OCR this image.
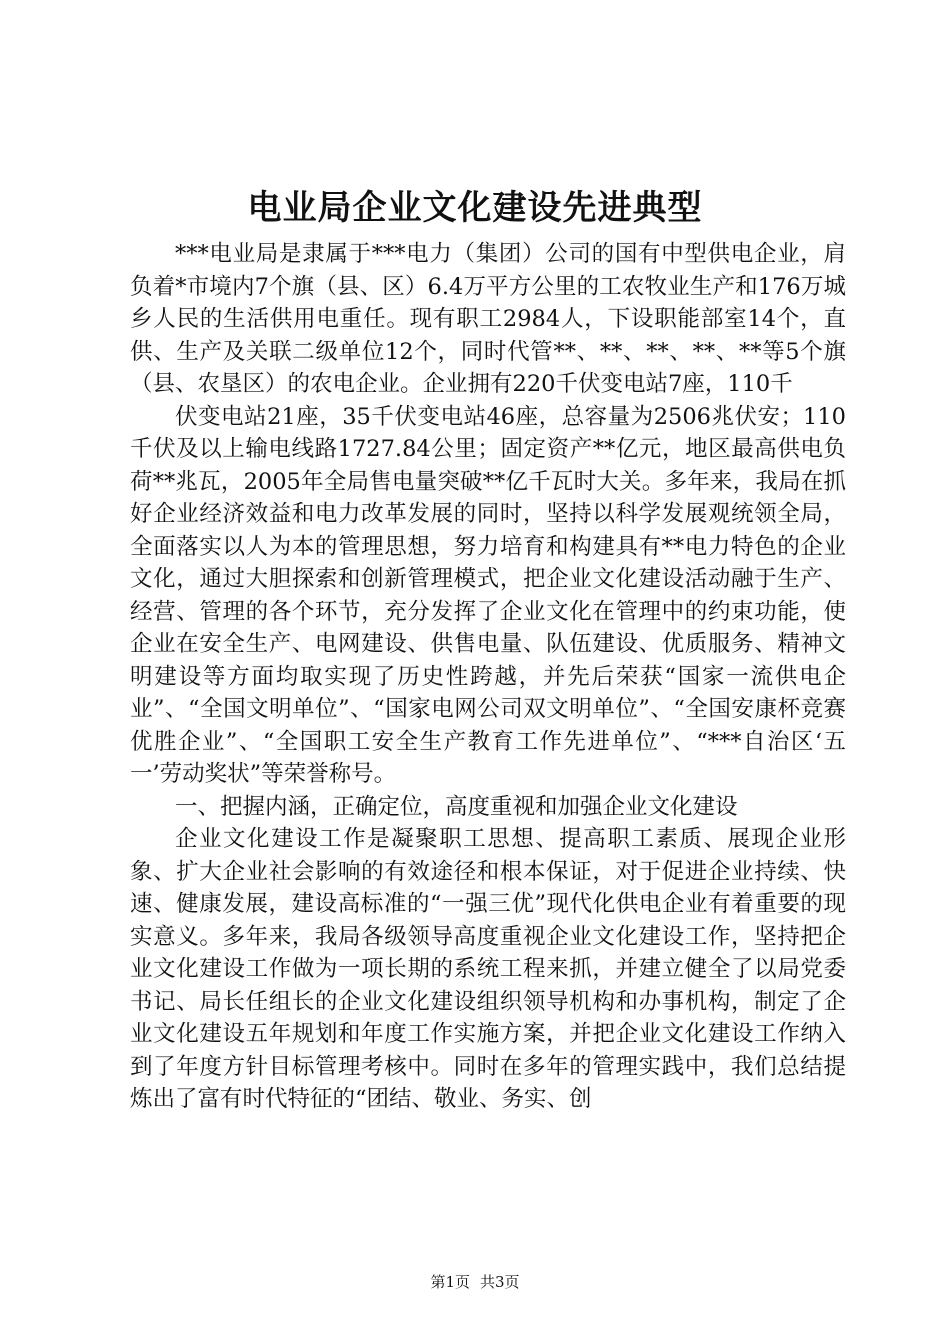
电业局企业文化建设先进典型

***电业局是隶属于***电力（集团）公司的国有中型供电企业，肩负着*市境内7个旗（县、区）6.4万平方公里的工农牧业生产和176万城乡人民的生活供用电重任。现有职工2984人，下设职能部室14个，直供、生产及关联二级单位12个，同时代管**、**、**、**、**等5个旗（县、农垦区）的农电企业。企业拥有220千伏变电站7座，110千

伏变电站21座，35千伏变电站46座，总容量为2506兆伏安；110千伏及以上输电线路1727.84公里；固定资产**亿元，地区最高供电负荷**兆瓦，2005年全局售电量突破**亿千瓦时大关。多年来，我局在抓好企业经济效益和电力改革发展的同时，坚持以科学发展观统领全局，全面落实以人为本的管理思想，努力培育和构建具有**电力特色的企业文化，通过大胆探索和创新管理模式，把企业文化建设活动融于生产、经营、管理的各个环节，充分发挥了企业文化在管理中的约束功能，使企业在安全生产、电网建设、供售电量、队伍建设、优质服务、精神文明建设等方面均取实现了历史性跨越，并先后荣获“国家一流供电企业”、“全国文明单位”、“国家电网公司双文明单位”、“全国安康杯竞赛优胜企业”、“全国职工安全生产教育工作先进单位”、“***自治区‘五一’劳动奖状”等荣誉称号。

一、把握内涵，正确定位，高度重视和加强企业文化建设

企业文化建设工作是凝聚职工思想、提高职工素质、展现企业形象、扩大企业社会影响的有效途径和根本保证，对于促进企业持续、快速、健康发展，建设高标准的“一强三优”现代化供电企业有着重要的现实意义。多年来，我局各级领导高度重视企业文化建设工作，坚持把企业文化建设工作做为一项长期的系统工程来抓，并建立健全了以局党委书记、局长任组长的企业文化建设组织领导机构和办事机构，制定了企业文化建设五年规划和年度工作实施方案，并把企业文化建设工作纳入到了年度方针目标管理考核中。同时在多年的管理实践中，我们总结提炼出了富有时代特征的“团结、敬业、务实、创

第1页 共3页
